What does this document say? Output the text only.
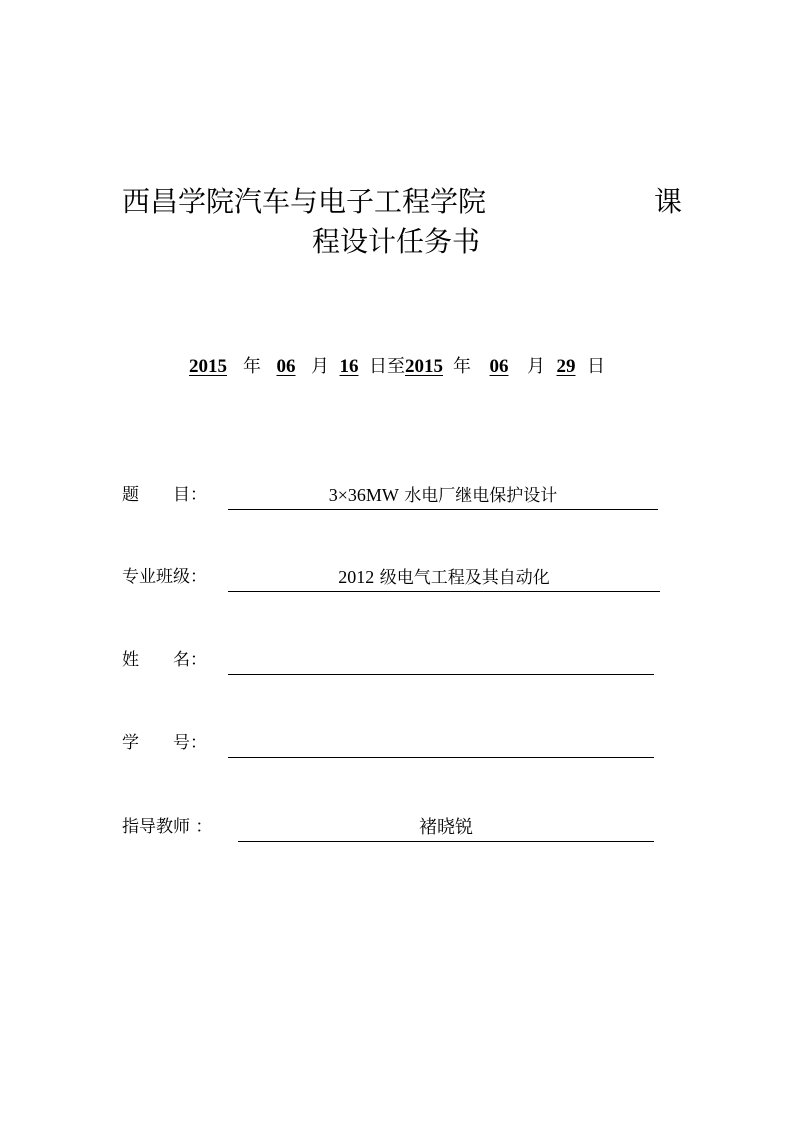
西昌学院汽车与电子工程学院	课
程设计任务书
2015 年 06 月 16 日至2015 年 06 月 29 日
题　　目：	3×36MW 水电厂继电保护设计
专业班级：	2012 级电气工程及其自动化
姓　　名：
学　　号：
指导教师 ：	褚晓锐
